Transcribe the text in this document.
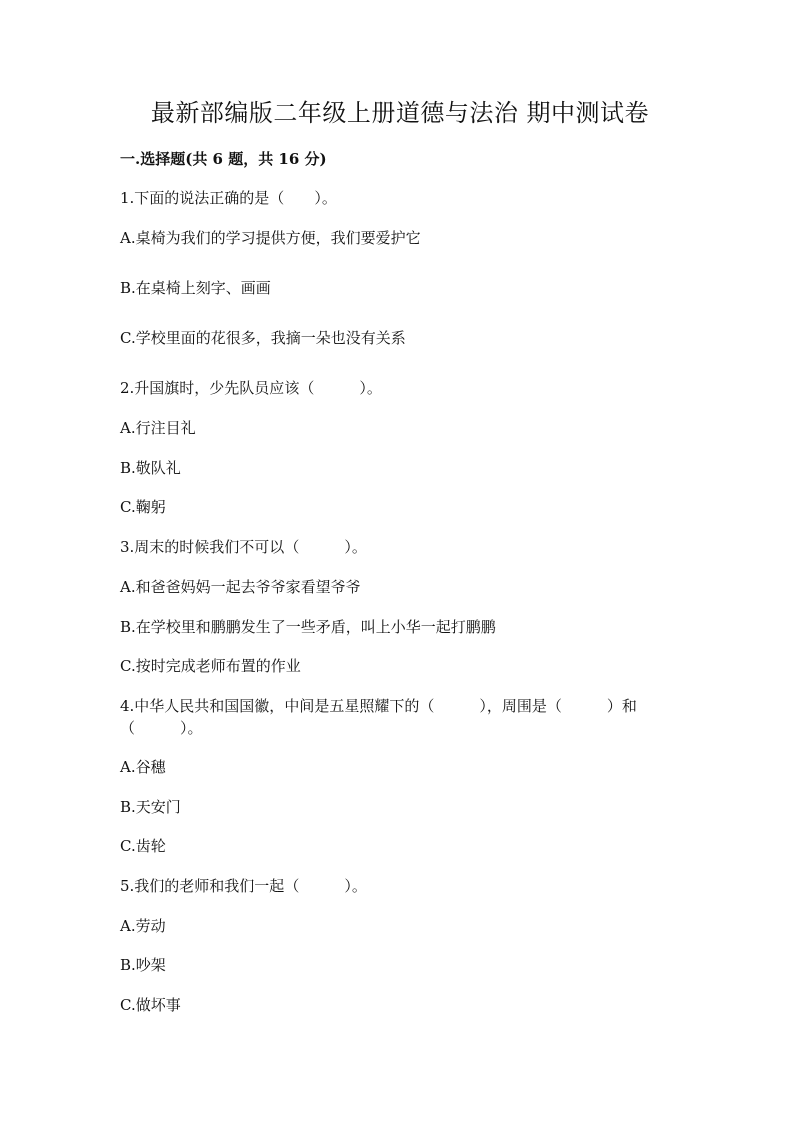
最新部编版二年级上册道德与法治 期中测试卷
一.选择题(共 6 题，共 16 分)
1.下面的说法正确的是（　　）。
A.桌椅为我们的学习提供方便，我们要爱护它
B.在桌椅上刻字、画画
C.学校里面的花很多，我摘一朵也没有关系
2.升国旗时，少先队员应该（　　　）。
A.行注目礼
B.敬队礼
C.鞠躬
3.周末的时候我们不可以（　　　）。
A.和爸爸妈妈一起去爷爷家看望爷爷
B.在学校里和鹏鹏发生了一些矛盾，叫上小华一起打鹏鹏
C.按时完成老师布置的作业
4.中华人民共和国国徽，中间是五星照耀下的（　　　），周围是（　　　）和
（　　　）。
A.谷穗
B.天安门
C.齿轮
5.我们的老师和我们一起（　　　）。
A.劳动
B.吵架
C.做坏事
